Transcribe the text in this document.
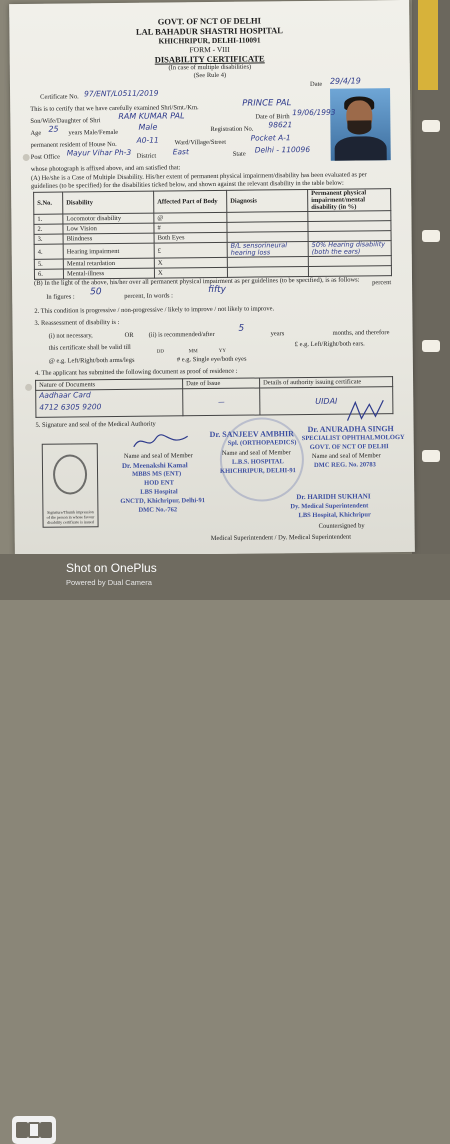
GOVT. OF NCT OF DELHI
LAL BAHADUR SHASTRI HOSPITAL
KHICHRIPUR, DELHI-110091
FORM - VIII
DISABILITY CERTIFICATE
(In case of multiple disabilities)
(See Rule 4)
Certificate No. 97/ENT/L0511/2019
Date 29/4/19
This is to certify that we have carefully examined Shri/Smt./Km.	PRINCE PAL
Son/Wife/Daughter of Shri
RAM KUMAR PAL	Date of Birth 19/06/1993
Age 25 years Male/Female
Male	Registration No. 98621
permanent resident of House No.
A0-11 Ward/Village/Street
Pocket A-1
Post Office Mayur Vihar Ph-3 District East	State Delhi - 110096
whose photograph is affixed above, and am satisfied that:
(A) He/she is a Case of Multiple Disability. His/her extent of permanent physical impairment/disability has been evaluated as per guidelines (to be specified) for the disabilities ticked below, and shown against the relevant disability in the table below:
S.No.	Disability	Affected Part of Body	Diagnosis	Permanent physical impairment/mental disability (in %)
1.	Locomotor disability	@		
2.	Low Vision	#		
3.	Blindness	Both Eyes		
4.	Hearing impairment	£	B/L sensorineural hearing loss	50% Hearing disability (both the ears)
5.	Mental retardation	X		
6.	Mental-illness	X		
(B) In the light of the above, his/her over all permanent physical impairment as per guidelines (to be specified), is as follows:
In figures : 50	percent, In words :
fifty
percent
2. This condition is progressive / non-progressive / likely to improve / not likely to improve.
3. Reassessment of disability is :
(i) not necessary,	OR (ii) is recommended/after
5
years	months, and therefore
this certificate shall be valid till
DD	MM	YY
@ e.g. Left/Right/both arms/legs	# e.g. Single eye/both eyes
£ e.g. Left/Right/both ears.
4. The applicant has submitted the following document as proof of residence :
Nature of Documents	Date of Issue	Details of authority issuing certificate

Aadhaar Card
4712 6305 9200	—	UIDAI
5. Signature and seal of the Medical Authority
Signature/Thumb impression of the person in whose favour disability certificate is issued
Name and seal of Member
Dr. Meenakshi Kamal
MBBS MS (ENT)
HOD ENT
LBS Hospital
GNCTD, Khichripur, Delhi-91
DMC No.-762
Dr. SANJEEV AMBHIR
Spl. (ORTHOPAEDICS)
Name and seal of Member
L.B.S. HOSPITAL
KHICHRIPUR, DELHI-91
Dr. ANURADHA SINGH
SPECIALIST OPHTHALMOLOGY
GOVT. OF NCT OF DELHI
Name and seal of Member
DMC REG. No. 20783
Dr. HARIDH SUKHANI
Dy. Medical Superintendent
LBS Hospital, Khichripur
Countersigned by
Medical Superintendent / Dy. Medical Superintendent
Shot on OnePlus
Powered by Dual Camera
